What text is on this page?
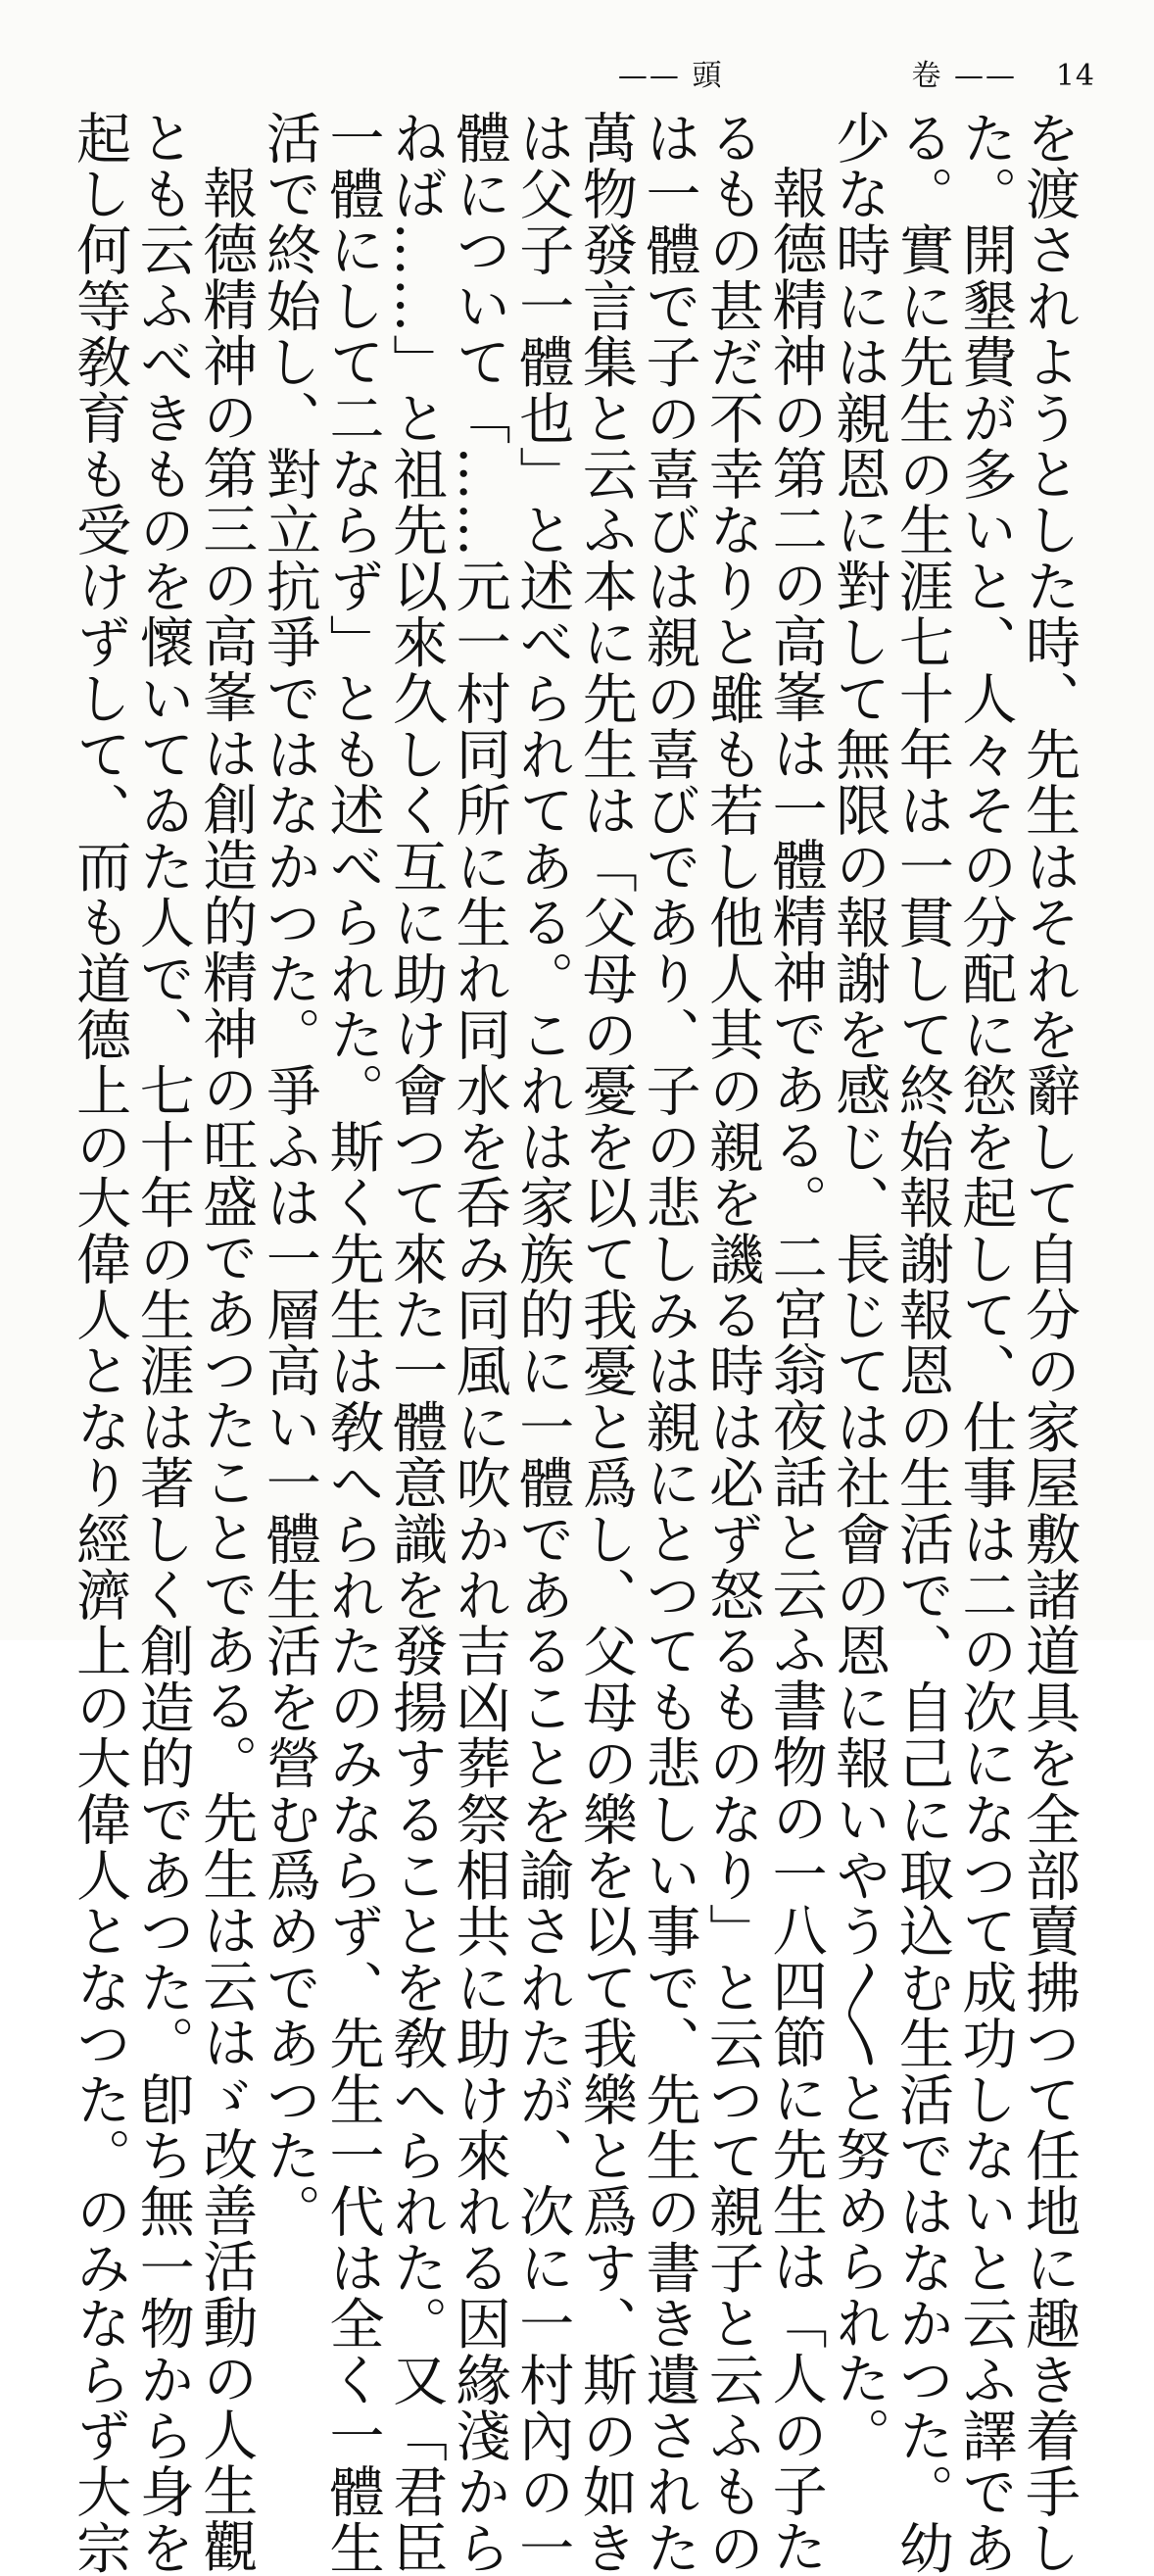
—— 頭　　　　　　卷 —— 14
を渡されようとした時、先生はそれを辭して自分の家屋敷諸道具を全部賣拂つて任地に趣き着手し
た。開墾費が多いと、人々その分配に慾を起して、仕事は二の次になつて成功しないと云ふ譯であ
る。實に先生の生涯七十年は一貫して終始報謝報恩の生活で、自己に取込む生活ではなかつた。幼
少な時には親恩に對して無限の報謝を感じ、長じては社會の恩に報いやう〳〵と努められた。
報德精神の第二の高峯は一體精神である。二宮翁夜話と云ふ書物の一八四節に先生は「人の子た
るもの甚だ不幸なりと雖も若し他人其の親を譏る時は必ず怒るものなり」と云つて親子と云ふもの
は一體で子の喜びは親の喜びであり、子の悲しみは親にとつても悲しい事で、先生の書き遺された
萬物發言集と云ふ本に先生は「父母の憂を以て我憂と爲し、父母の樂を以て我樂と爲す、斯の如き
は父子一體也」と述べられてある。これは家族的に一體であることを諭されたが、次に一村內の一
體について「……元一村同所に生れ同水を呑み同風に吹かれ吉凶葬祭相共に助け來れる因緣淺から
ねば……」と祖先以來久しく互に助け會つて來た一體意識を發揚することを敎へられた。又「君臣
一體にして二ならず」とも述べられた。斯く先生は敎へられたのみならず、先生一代は全く一體生
活で終始し、對立抗爭ではなかつた。爭ふは一層高い一體生活を營む爲めであつた。
報德精神の第三の高峯は創造的精神の旺盛であつたことである。先生は云はゞ改善活動の人生觀
とも云ふべきものを懷いてゐた人で、七十年の生涯は著しく創造的であつた。卽ち無一物から身を
起し何等敎育も受けずして、而も道德上の大偉人となり經濟上の大偉人となつた。のみならず大宗
